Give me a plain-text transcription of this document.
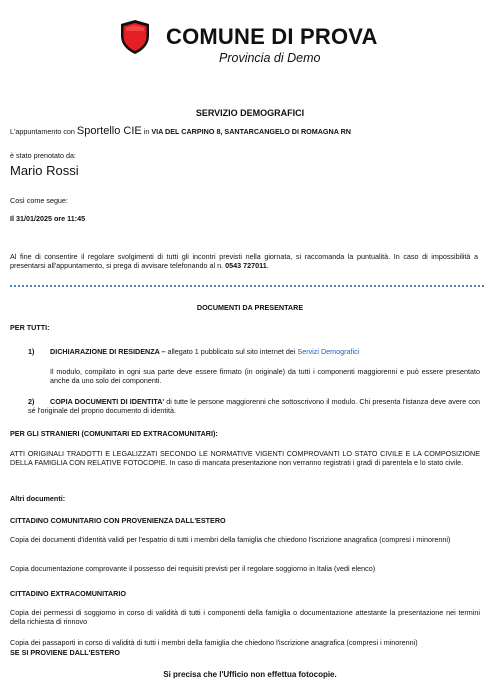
COMUNE DI PROVA
Provincia di Demo
SERVIZIO DEMOGRAFICI
L'appuntamento con Sportello CIE in VIA DEL CARPINO 8, SANTARCANGELO DI ROMAGNA RN
è stato prenotato da:
Mario Rossi
Così come segue:
Il 31/01/2025 ore 11:45
Al fine di consentire il regolare svolgimenti di tutti gli incontri previsti nella giornata, si raccomanda la puntualità. In caso di impossibilità a presentarsi all'appuntamento, si prega di avvisare telefonando al n. 0543 727011.
DOCUMENTI DA PRESENTARE
PER TUTTI:
1) DICHIARAZIONE DI RESIDENZA – allegato 1 pubblicato sul sito internet dei Servizi Demografici
Il modulo, compilato in ogni sua parte deve essere firmato (in originale) da tutti i componenti maggiorenni e può essere presentato anche da uno solo dei componenti.
2) COPIA DOCUMENTI DI IDENTITA' di tutte le persone maggiorenni che sottoscrivono il modulo. Chi presenta l'istanza deve avere con sé l'originale del proprio documento di identità.
PER GLI STRANIERI (COMUNITARI ED EXTRACOMUNITARI):
ATTI ORIGINALI TRADOTTI E LEGALIZZATI SECONDO LE NORMATIVE VIGENTI COMPROVANTI LO STATO CIVILE E LA COMPOSIZIONE DELLA FAMIGLIA CON RELATIVE FOTOCOPIE. In caso di mancata presentazione non verranno registrati i gradi di parentela e lo stato civile.
Altri documenti:
CITTADINO COMUNITARIO CON PROVENIENZA DALL'ESTERO
Copia dei documenti d'identità validi per l'espatrio di tutti i membri della famiglia che chiedono l'iscrizione anagrafica (compresi i minorenni)
Copia documentazione comprovante il possesso dei requisiti previsti per il regolare soggiorno in Italia (vedi elenco)
CITTADINO EXTRACOMUNITARIO
Copia dei permessi di soggiorno in corso di validità di tutti i componenti della famiglia o documentazione attestante la presentazione nei termini della richiesta di rinnovo
Copia dei passaporti in corso di validità di tutti i membri della famiglia che chiedono l'iscrizione anagrafica (compresi i minorenni)
SE SI PROVIENE DALL'ESTERO
Si precisa che l'Ufficio non effettua fotocopie.
